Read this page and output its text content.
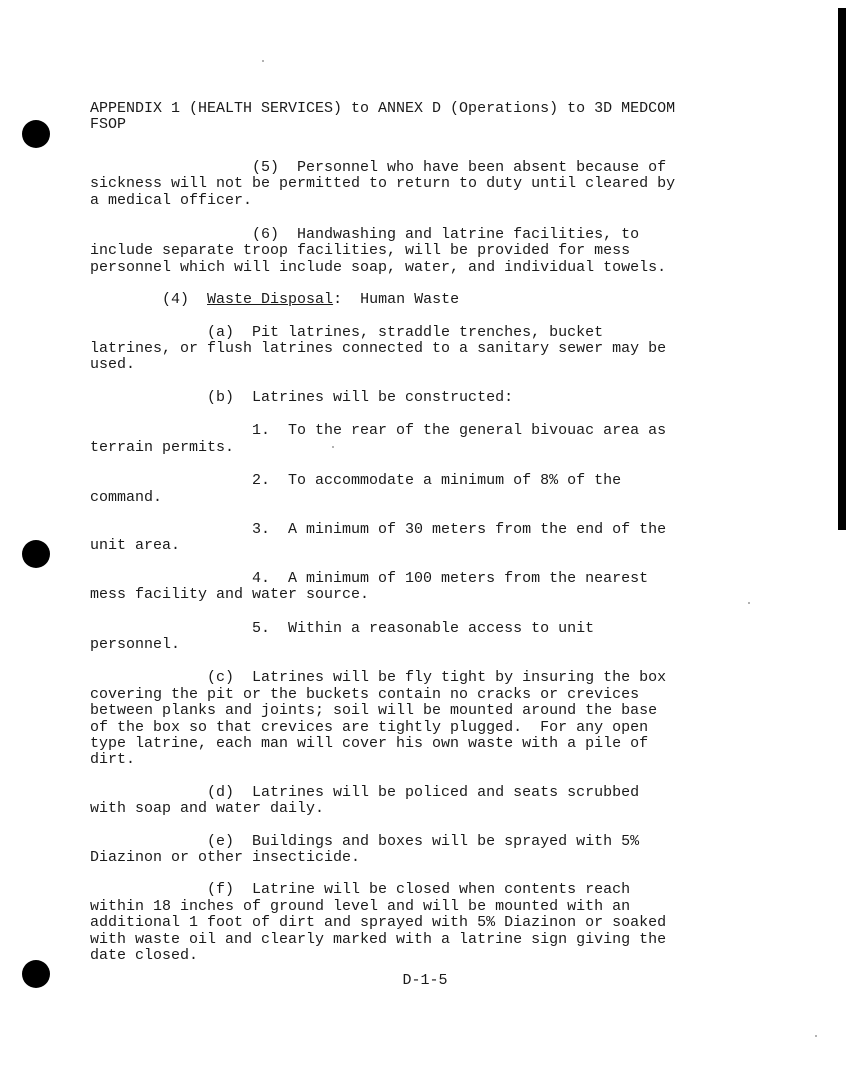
APPENDIX 1 (HEALTH SERVICES) to ANNEX D (Operations) to 3D MEDCOM

FSOP

(5)  Personnel who have been absent because of

sickness will not be permitted to return to duty until cleared by

a medical officer.

(6)  Handwashing and latrine facilities, to

include separate troop facilities, will be provided for mess

personnel which will include soap, water, and individual towels.

(4)  Waste Disposal:  Human Waste

(a)  Pit latrines, straddle trenches, bucket

latrines, or flush latrines connected to a sanitary sewer may be

used.

(b)  Latrines will be constructed:

1.  To the rear of the general bivouac area as

terrain permits.

2.  To accommodate a minimum of 8% of the

command.

3.  A minimum of 30 meters from the end of the

unit area.

4.  A minimum of 100 meters from the nearest

mess facility and water source.

5.  Within a reasonable access to unit

personnel.

(c)  Latrines will be fly tight by insuring the box

covering the pit or the buckets contain no cracks or crevices

between planks and joints; soil will be mounted around the base

of the box so that crevices are tightly plugged.  For any open

type latrine, each man will cover his own waste with a pile of

dirt.

(d)  Latrines will be policed and seats scrubbed

with soap and water daily.

(e)  Buildings and boxes will be sprayed with 5%

Diazinon or other insecticide.

(f)  Latrine will be closed when contents reach

within 18 inches of ground level and will be mounted with an

additional 1 foot of dirt and sprayed with 5% Diazinon or soaked

with waste oil and clearly marked with a latrine sign giving the

date closed.

D-1-5
